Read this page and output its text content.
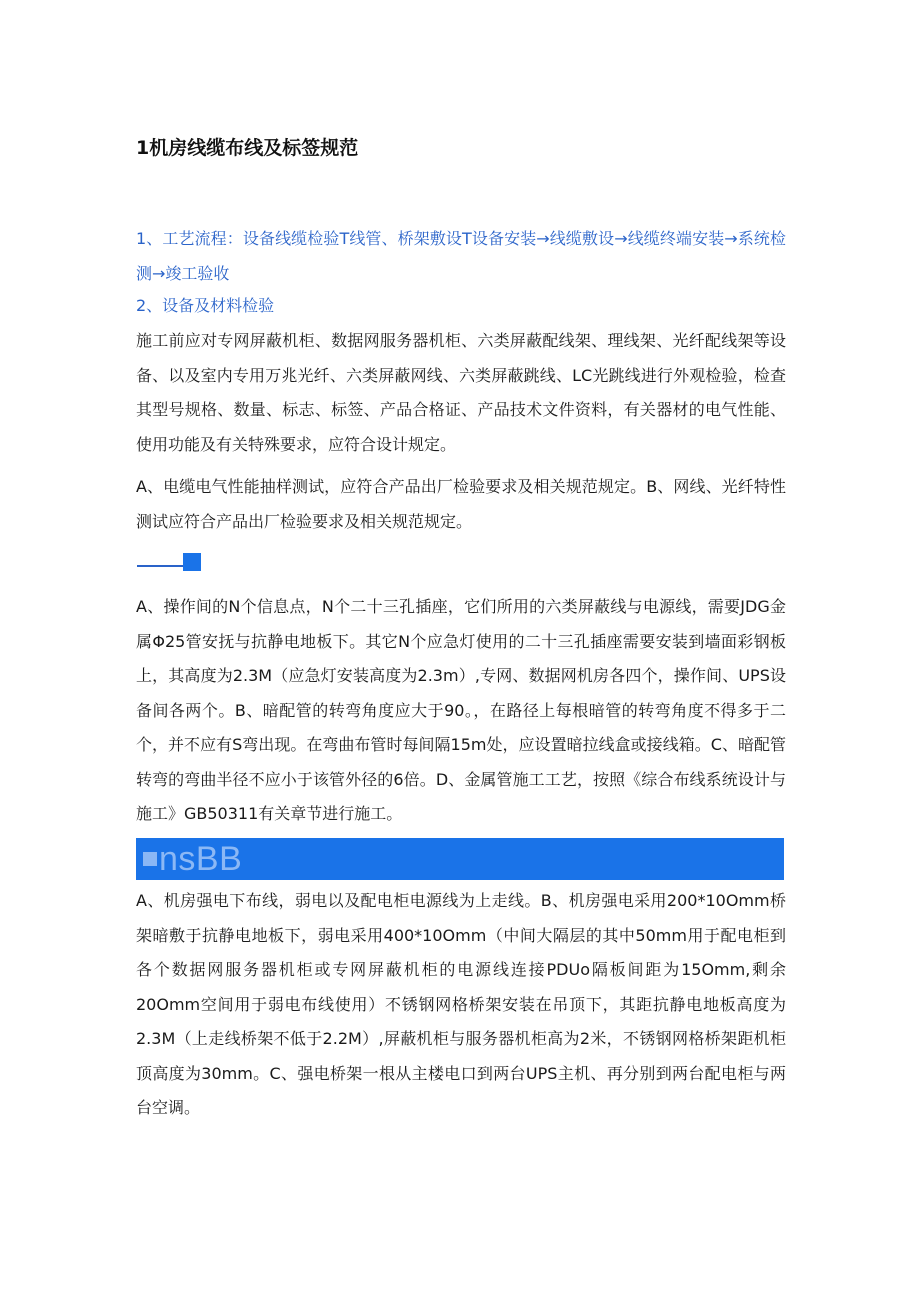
1机房线缆布线及标签规范
1、工艺流程：设备线缆检验T线管、桥架敷设T设备安装→线缆敷设→线缆终端安装→系统检测→竣工验收
2、设备及材料检验
施工前应对专网屏蔽机柜、数据网服务器机柜、六类屏蔽配线架、理线架、光纤配线架等设备、以及室内专用万兆光纤、六类屏蔽网线、六类屏蔽跳线、LC光跳线进行外观检验，检查其型号规格、数量、标志、标签、产品合格证、产品技术文件资料，有关器材的电气性能、使用功能及有关特殊要求，应符合设计规定。
A、电缆电气性能抽样测试，应符合产品出厂检验要求及相关规范规定。B、网线、光纤特性测试应符合产品出厂检验要求及相关规范规定。
A、操作间的N个信息点，N个二十三孔插座，它们所用的六类屏蔽线与电源线，需要JDG金属Φ25管安抚与抗静电地板下。其它N个应急灯使用的二十三孔插座需要安装到墙面彩钢板上，其高度为2.3M（应急灯安装高度为2.3m）,专网、数据网机房各四个，操作间、UPS设备间各两个。B、暗配管的转弯角度应大于90。，在路径上每根暗管的转弯角度不得多于二个，并不应有S弯出现。在弯曲布管时每间隔15m处，应设置暗拉线盒或接线箱。C、暗配管转弯的弯曲半径不应小于该管外径的6倍。D、金属管施工工艺，按照《综合布线系统设计与施工》GB50311有关章节进行施工。
nsBB
A、机房强电下布线，弱电以及配电柜电源线为上走线。B、机房强电采用200*10Omm桥架暗敷于抗静电地板下，弱电采用400*10Omm（中间大隔层的其中50mm用于配电柜到各个数据网服务器机柜或专网屏蔽机柜的电源线连接PDUo隔板间距为15Omm,剩余20Omm空间用于弱电布线使用）不锈钢网格桥架安装在吊顶下，其距抗静电地板高度为2.3M（上走线桥架不低于2.2M）,屏蔽机柜与服务器机柜高为2米，不锈钢网格桥架距机柜顶高度为30mm。C、强电桥架一根从主楼电口到两台UPS主机、再分别到两台配电柜与两台空调。
